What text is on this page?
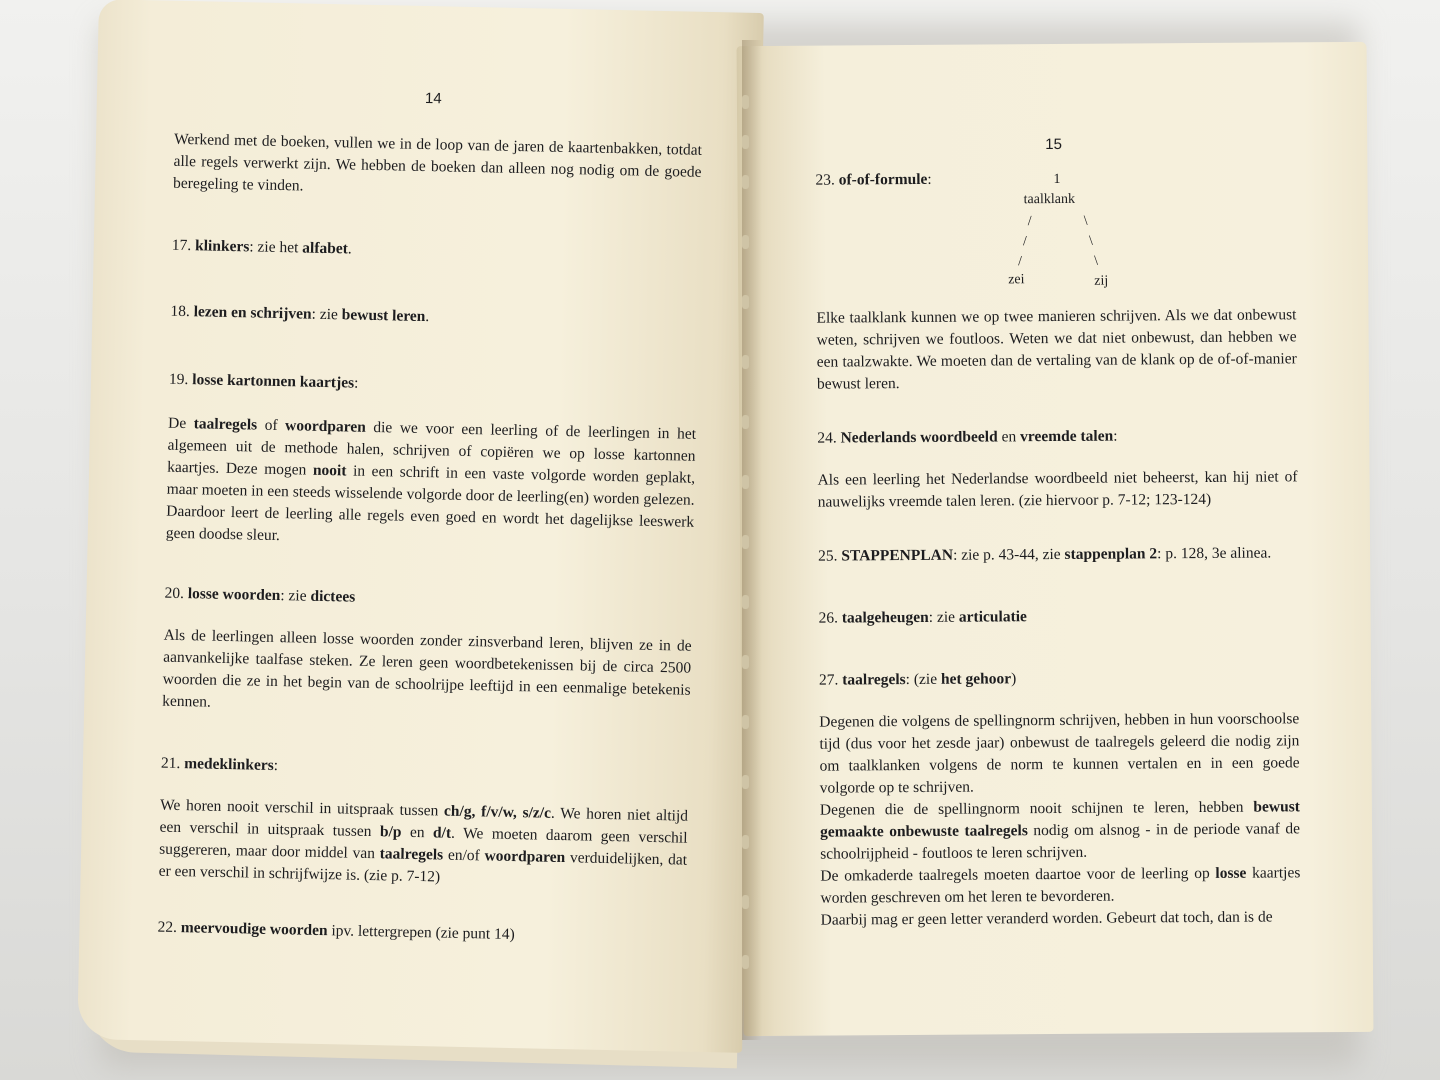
14
Werkend met de boeken, vullen we in de loop van de jaren de kaartenbakken, totdat alle regels verwerkt zijn. We hebben de boeken dan alleen nog nodig om de goede beregeling te vinden.
17. klinkers: zie het alfabet.
18. lezen en schrijven: zie bewust leren.
19. losse kartonnen kaartjes:
De taalregels of woordparen die we voor een leerling of de leerlingen in het algemeen uit de methode halen, schrijven of copiëren we op losse kartonnen kaartjes. Deze mogen nooit in een schrift in een vaste volgorde worden geplakt, maar moeten in een steeds wisselende volgorde door de leerling(en) worden gelezen. Daardoor leert de leerling alle regels even goed en wordt het dagelijkse leeswerk geen doodse sleur.
20. losse woorden: zie dictees
Als de leerlingen alleen losse woorden zonder zinsverband leren, blijven ze in de aanvankelijke taalfase steken. Ze leren geen woordbetekenissen bij de circa 2500 woorden die ze in het begin van de schoolrijpe leeftijd in een eenmalige betekenis kennen.
21. medeklinkers:
We horen nooit verschil in uitspraak tussen ch/g, f/v/w, s/z/c. We horen niet altijd een verschil in uitspraak tussen b/p en d/t. We moeten daarom geen verschil suggereren, maar door middel van taalregels en/of woordparen verduidelijken, dat er een verschil in schrijfwijze is. (zie p. 7-12)
22. meervoudige woorden ipv. lettergrepen (zie punt 14)
15
23. of-of-formule:	1
taalklank
/
/
/
\
\
\
zei	zij
Elke taalklank kunnen we op twee manieren schrijven. Als we dat onbewust weten, schrijven we foutloos. Weten we dat niet onbewust, dan hebben we een taalzwakte. We moeten dan de vertaling van de klank op de of-of-manier bewust leren.
24. Nederlands woordbeeld en vreemde talen:
Als een leerling het Nederlandse woordbeeld niet beheerst, kan hij niet of nauwelijks vreemde talen leren. (zie hiervoor p. 7-12; 123-124)
25. STAPPENPLAN: zie p. 43-44, zie stappenplan 2: p. 128, 3e alinea.
26. taalgeheugen: zie articulatie
27. taalregels: (zie het gehoor)

Degenen die volgens de spellingnorm schrijven, hebben in hun voorschoolse tijd (dus voor het zesde jaar) onbewust de taalregels geleerd die nodig zijn om taalklanken volgens de norm te kunnen vertalen en in een goede volgorde op te schrijven.

Degenen die de spellingnorm nooit schijnen te leren, hebben bewust gemaakte onbewuste taalregels nodig om alsnog - in de periode vanaf de schoolrijpheid - foutloos te leren schrijven.

De omkaderde taalregels moeten daartoe voor de leerling op losse kaartjes worden geschreven om het leren te bevorderen.

Daarbij mag er geen letter veranderd worden. Gebeurt dat toch, dan is de
